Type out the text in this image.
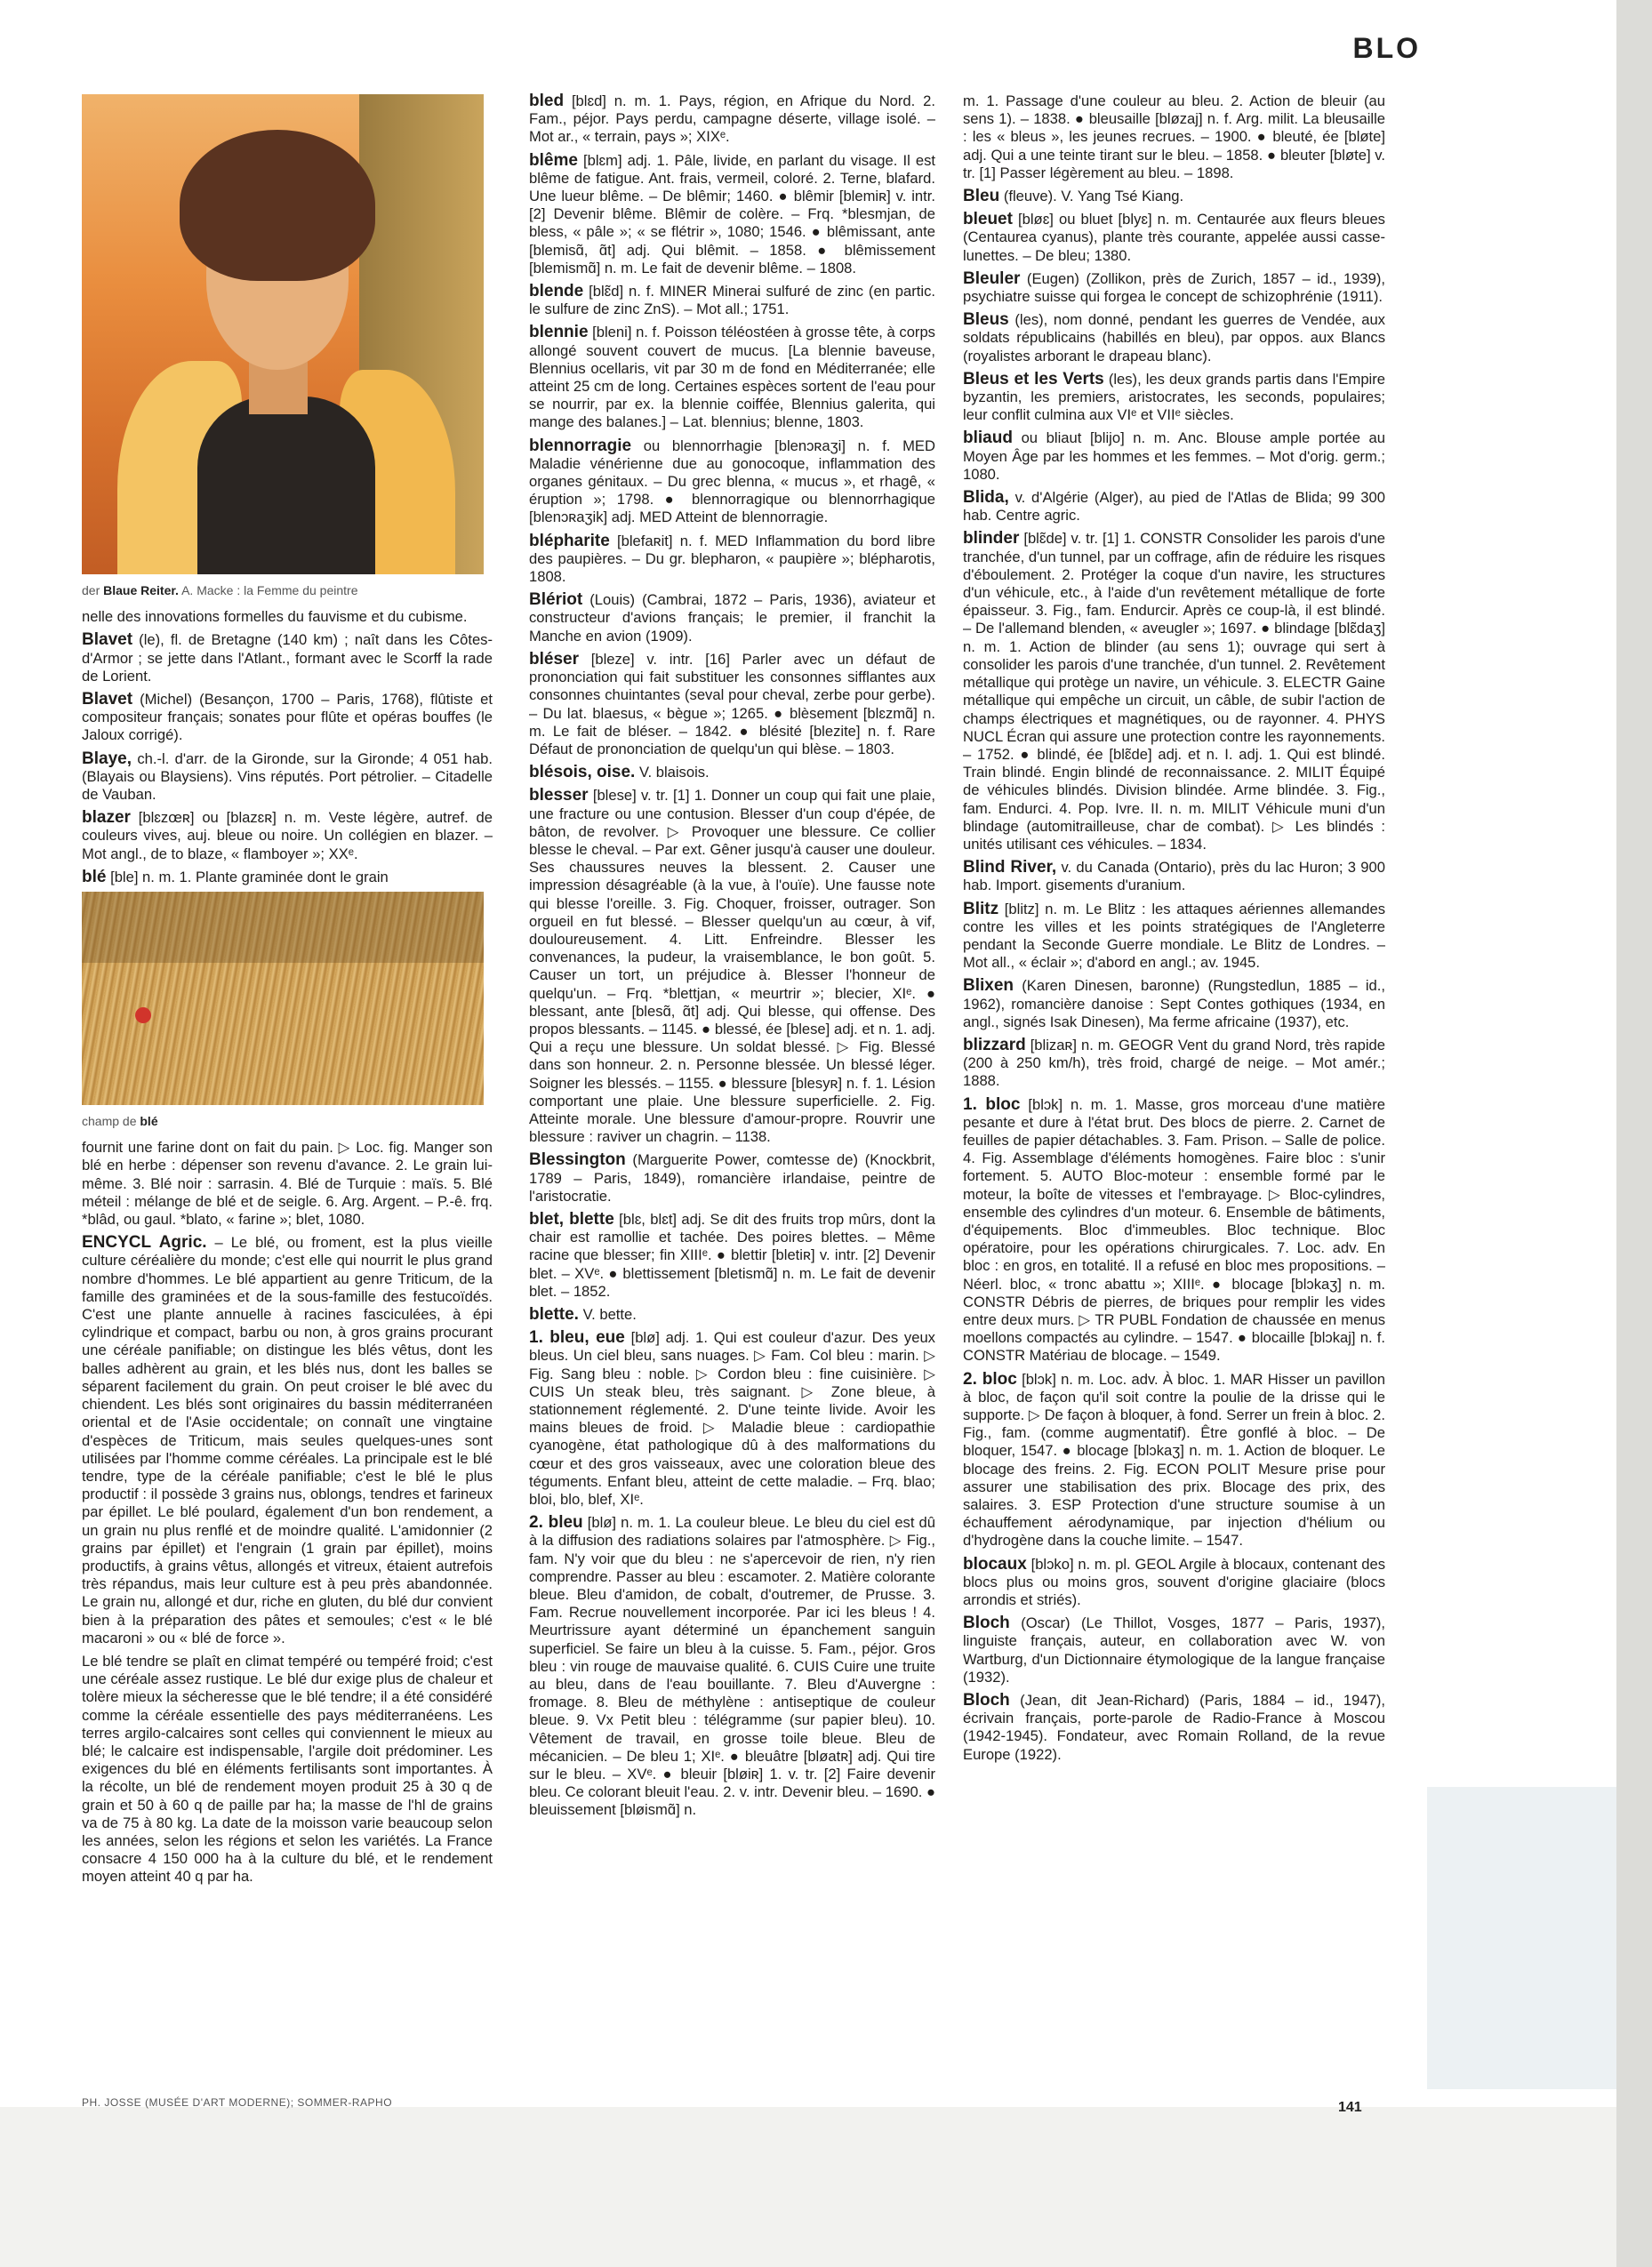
BLO
der Blaue Reiter. A. Macke : la Femme du peintre

nelle des innovations formelles du fauvisme et du cubisme.

Blavet (le), fl. de Bretagne (140 km) ; naît dans les Côtes-d'Armor ; se jette dans l'Atlant., formant avec le Scorff la rade de Lorient.

Blavet (Michel) (Besançon, 1700 – Paris, 1768), flûtiste et compositeur français; sonates pour flûte et opéras bouffes (le Jaloux corrigé).

Blaye, ch.-l. d'arr. de la Gironde, sur la Gironde; 4 051 hab. (Blayais ou Blaysiens). Vins réputés. Port pétrolier. – Citadelle de Vauban.

blazer [blɛzœʀ] ou [blazɛʀ] n. m. Veste légère, autref. de couleurs vives, auj. bleue ou noire. Un collégien en blazer. – Mot angl., de to blaze, « flamboyer »; XXᵉ.

blé [ble] n. m. 1. Plante graminée dont le grain

champ de blé

fournit une farine dont on fait du pain. ▷ Loc. fig. Manger son blé en herbe : dépenser son revenu d'avance. 2. Le grain lui-même. 3. Blé noir : sarrasin. 4. Blé de Turquie : maïs. 5. Blé méteil : mélange de blé et de seigle. 6. Arg. Argent. – P.-ê. frq. *blâd, ou gaul. *blato, « farine »; blet, 1080.

ENCYCL Agric. – Le blé, ou froment, est la plus vieille culture céréalière du monde; c'est elle qui nourrit le plus grand nombre d'hommes. Le blé appartient au genre Triticum, de la famille des graminées et de la sous-famille des festucoïdés. C'est une plante annuelle à racines fasciculées, à épi cylindrique et compact, barbu ou non, à gros grains procurant une céréale panifiable; on distingue les blés vêtus, dont les balles adhèrent au grain, et les blés nus, dont les balles se séparent facilement du grain. On peut croiser le blé avec du chiendent. Les blés sont originaires du bassin méditerranéen oriental et de l'Asie occidentale; on connaît une vingtaine d'espèces de Triticum, mais seules quelques-unes sont utilisées par l'homme comme céréales. La principale est le blé tendre, type de la céréale panifiable; c'est le blé le plus productif : il possède 3 grains nus, oblongs, tendres et farineux par épillet. Le blé poulard, également d'un bon rendement, a un grain nu plus renflé et de moindre qualité. L'amidonnier (2 grains par épillet) et l'engrain (1 grain par épillet), moins productifs, à grains vêtus, allongés et vitreux, étaient autrefois très répandus, mais leur culture est à peu près abandonnée. Le grain nu, allongé et dur, riche en gluten, du blé dur convient bien à la préparation des pâtes et semoules; c'est « le blé macaroni » ou « blé de force ».

Le blé tendre se plaît en climat tempéré ou tempéré froid; c'est une céréale assez rustique. Le blé dur exige plus de chaleur et tolère mieux la sécheresse que le blé tendre; il a été considéré comme la céréale essentielle des pays méditerranéens. Les terres argilo-calcaires sont celles qui conviennent le mieux au blé; le calcaire est indispensable, l'argile doit prédominer. Les exigences du blé en éléments fertilisants sont importantes. À la récolte, un blé de rendement moyen produit 25 à 30 q de grain et 50 à 60 q de paille par ha; la masse de l'hl de grains va de 75 à 80 kg. La date de la moisson varie beaucoup selon les années, selon les régions et selon les variétés. La France consacre 4 150 000 ha à la culture du blé, et le rendement moyen atteint 40 q par ha.

bled [blɛd] n. m. 1. Pays, région, en Afrique du Nord. 2. Fam., péjor. Pays perdu, campagne déserte, village isolé. – Mot ar., « terrain, pays »; XIXᵉ.

blême [blɛm] adj. 1. Pâle, livide, en parlant du visage. Il est blême de fatigue. Ant. frais, vermeil, coloré. 2. Terne, blafard. Une lueur blême. – De blêmir; 1460. ● blêmir [blemiʀ] v. intr. [2] Devenir blême. Blêmir de colère. – Frq. *blesmjan, de bless, « pâle »; « se flétrir », 1080; 1546. ● blêmissant, ante [blemisɑ̃, ɑ̃t] adj. Qui blêmit. – 1858. ● blêmissement [blemismɑ̃] n. m. Le fait de devenir blême. – 1808.

blende [blɛ̃d] n. f. MINER Minerai sulfuré de zinc (en partic. le sulfure de zinc ZnS). – Mot all.; 1751.

blennie [bleni] n. f. Poisson téléostéen à grosse tête, à corps allongé souvent couvert de mucus. [La blennie baveuse, Blennius ocellaris, vit par 30 m de fond en Méditerranée; elle atteint 25 cm de long. Certaines espèces sortent de l'eau pour se nourrir, par ex. la blennie coiffée, Blennius galerita, qui mange des balanes.] – Lat. blennius; blenne, 1803.

blennorragie ou blennorrhagie [blenɔʀaʒi] n. f. MED Maladie vénérienne due au gonocoque, inflammation des organes génitaux. – Du grec blenna, « mucus », et rhagê, « éruption »; 1798. ● blennorragique ou blennorrhagique [blenɔʀaʒik] adj. MED Atteint de blennorragie.

blépharite [blefaʀit] n. f. MED Inflammation du bord libre des paupières. – Du gr. blepharon, « paupière »; blépharotis, 1808.

Blériot (Louis) (Cambrai, 1872 – Paris, 1936), aviateur et constructeur d'avions français; le premier, il franchit la Manche en avion (1909).

bléser [bleze] v. intr. [16] Parler avec un défaut de prononciation qui fait substituer les consonnes sifflantes aux consonnes chuintantes (seval pour cheval, zerbe pour gerbe). – Du lat. blaesus, « bègue »; 1265. ● blèsement [blɛzmɑ̃] n. m. Le fait de bléser. – 1842. ● blésité [blezite] n. f. Rare Défaut de prononciation de quelqu'un qui blèse. – 1803.

blésois, oise. V. blaisois.

blesser [blese] v. tr. [1] 1. Donner un coup qui fait une plaie, une fracture ou une contusion. Blesser d'un coup d'épée, de bâton, de revolver. ▷ Provoquer une blessure. Ce collier blesse le cheval. – Par ext. Gêner jusqu'à causer une douleur. Ses chaussures neuves la blessent. 2. Causer une impression désagréable (à la vue, à l'ouïe). Une fausse note qui blesse l'oreille. 3. Fig. Choquer, froisser, outrager. Son orgueil en fut blessé. – Blesser quelqu'un au cœur, à vif, douloureusement. 4. Litt. Enfreindre. Blesser les convenances, la pudeur, la vraisemblance, le bon goût. 5. Causer un tort, un préjudice à. Blesser l'honneur de quelqu'un. – Frq. *blettjan, « meurtrir »; blecier, XIᵉ. ● blessant, ante [blesɑ̃, ɑ̃t] adj. Qui blesse, qui offense. Des propos blessants. – 1145. ● blessé, ée [blese] adj. et n. 1. adj. Qui a reçu une blessure. Un soldat blessé. ▷ Fig. Blessé dans son honneur. 2. n. Personne blessée. Un blessé léger. Soigner les blessés. – 1155. ● blessure [blesyʀ] n. f. 1. Lésion comportant une plaie. Une blessure superficielle. 2. Fig. Atteinte morale. Une blessure d'amour-propre. Rouvrir une blessure : raviver un chagrin. – 1138.

Blessington (Marguerite Power, comtesse de) (Knockbrit, 1789 – Paris, 1849), romancière irlandaise, peintre de l'aristocratie.

blet, blette [blɛ, blɛt] adj. Se dit des fruits trop mûrs, dont la chair est ramollie et tachée. Des poires blettes. – Même racine que blesser; fin XIIIᵉ. ● blettir [bletiʀ] v. intr. [2] Devenir blet. – XVᵉ. ● blettissement [bletismɑ̃] n. m. Le fait de devenir blet. – 1852.

blette. V. bette.

1. bleu, eue [blø] adj. 1. Qui est couleur d'azur. Des yeux bleus. Un ciel bleu, sans nuages. ▷ Fam. Col bleu : marin. ▷ Fig. Sang bleu : noble. ▷ Cordon bleu : fine cuisinière. ▷ CUIS Un steak bleu, très saignant. ▷ Zone bleue, à stationnement réglementé. 2. D'une teinte livide. Avoir les mains bleues de froid. ▷ Maladie bleue : cardiopathie cyanogène, état pathologique dû à des malformations du cœur et des gros vaisseaux, avec une coloration bleue des téguments. Enfant bleu, atteint de cette maladie. – Frq. blao; bloi, blo, blef, XIᵉ.

2. bleu [blø] n. m. 1. La couleur bleue. Le bleu du ciel est dû à la diffusion des radiations solaires par l'atmosphère. ▷ Fig., fam. N'y voir que du bleu : ne s'apercevoir de rien, n'y rien comprendre. Passer au bleu : escamoter. 2. Matière colorante bleue. Bleu d'amidon, de cobalt, d'outremer, de Prusse. 3. Fam. Recrue nouvellement incorporée. Par ici les bleus ! 4. Meurtrissure ayant déterminé un épanchement sanguin superficiel. Se faire un bleu à la cuisse. 5. Fam., péjor. Gros bleu : vin rouge de mauvaise qualité. 6. CUIS Cuire une truite au bleu, dans de l'eau bouillante. 7. Bleu d'Auvergne : fromage. 8. Bleu de méthylène : antiseptique de couleur bleue. 9. Vx Petit bleu : télégramme (sur papier bleu). 10. Vêtement de travail, en grosse toile bleue. Bleu de mécanicien. – De bleu 1; XIᵉ. ● bleuâtre [bløatʀ] adj. Qui tire sur le bleu. – XVᵉ. ● bleuir [bløiʀ] 1. v. tr. [2] Faire devenir bleu. Ce colorant bleuit l'eau. 2. v. intr. Devenir bleu. – 1690. ● bleuissement [bløismɑ̃] n.

m. 1. Passage d'une couleur au bleu. 2. Action de bleuir (au sens 1). – 1838. ● bleusaille [bløzaj] n. f. Arg. milit. La bleusaille : les « bleus », les jeunes recrues. – 1900. ● bleuté, ée [bløte] adj. Qui a une teinte tirant sur le bleu. – 1858. ● bleuter [bløte] v. tr. [1] Passer légèrement au bleu. – 1898.

Bleu (fleuve). V. Yang Tsé Kiang.

bleuet [bløɛ] ou bluet [blyɛ] n. m. Centaurée aux fleurs bleues (Centaurea cyanus), plante très courante, appelée aussi casse-lunettes. – De bleu; 1380.

Bleuler (Eugen) (Zollikon, près de Zurich, 1857 – id., 1939), psychiatre suisse qui forgea le concept de schizophrénie (1911).

Bleus (les), nom donné, pendant les guerres de Vendée, aux soldats républicains (habillés en bleu), par oppos. aux Blancs (royalistes arborant le drapeau blanc).

Bleus et les Verts (les), les deux grands partis dans l'Empire byzantin, les premiers, aristocrates, les seconds, populaires; leur conflit culmina aux VIᵉ et VIIᵉ siècles.

bliaud ou bliaut [blijo] n. m. Anc. Blouse ample portée au Moyen Âge par les hommes et les femmes. – Mot d'orig. germ.; 1080.

Blida, v. d'Algérie (Alger), au pied de l'Atlas de Blida; 99 300 hab. Centre agric.

blinder [blɛ̃de] v. tr. [1] 1. CONSTR Consolider les parois d'une tranchée, d'un tunnel, par un coffrage, afin de réduire les risques d'éboulement. 2. Protéger la coque d'un navire, les structures d'un véhicule, etc., à l'aide d'un revêtement métallique de forte épaisseur. 3. Fig., fam. Endurcir. Après ce coup-là, il est blindé. – De l'allemand blenden, « aveugler »; 1697. ● blindage [blɛ̃daʒ] n. m. 1. Action de blinder (au sens 1); ouvrage qui sert à consolider les parois d'une tranchée, d'un tunnel. 2. Revêtement métallique qui protège un navire, un véhicule. 3. ELECTR Gaine métallique qui empêche un circuit, un câble, de subir l'action de champs électriques et magnétiques, ou de rayonner. 4. PHYS NUCL Écran qui assure une protection contre les rayonnements. – 1752. ● blindé, ée [blɛ̃de] adj. et n. I. adj. 1. Qui est blindé. Train blindé. Engin blindé de reconnaissance. 2. MILIT Équipé de véhicules blindés. Division blindée. Arme blindée. 3. Fig., fam. Endurci. 4. Pop. Ivre. II. n. m. MILIT Véhicule muni d'un blindage (automitrailleuse, char de combat). ▷ Les blindés : unités utilisant ces véhicules. – 1834.

Blind River, v. du Canada (Ontario), près du lac Huron; 3 900 hab. Import. gisements d'uranium.

Blitz [blitz] n. m. Le Blitz : les attaques aériennes allemandes contre les villes et les points stratégiques de l'Angleterre pendant la Seconde Guerre mondiale. Le Blitz de Londres. – Mot all., « éclair »; d'abord en angl.; av. 1945.

Blixen (Karen Dinesen, baronne) (Rungstedlun, 1885 – id., 1962), romancière danoise : Sept Contes gothiques (1934, en angl., signés Isak Dinesen), Ma ferme africaine (1937), etc.

blizzard [blizaʀ] n. m. GEOGR Vent du grand Nord, très rapide (200 à 250 km/h), très froid, chargé de neige. – Mot amér.; 1888.

1. bloc [blɔk] n. m. 1. Masse, gros morceau d'une matière pesante et dure à l'état brut. Des blocs de pierre. 2. Carnet de feuilles de papier détachables. 3. Fam. Prison. – Salle de police. 4. Fig. Assemblage d'éléments homogènes. Faire bloc : s'unir fortement. 5. AUTO Bloc-moteur : ensemble formé par le moteur, la boîte de vitesses et l'embrayage. ▷ Bloc-cylindres, ensemble des cylindres d'un moteur. 6. Ensemble de bâtiments, d'équipements. Bloc d'immeubles. Bloc technique. Bloc opératoire, pour les opérations chirurgicales. 7. Loc. adv. En bloc : en gros, en totalité. Il a refusé en bloc mes propositions. – Néerl. bloc, « tronc abattu »; XIIIᵉ. ● blocage [blɔkaʒ] n. m. CONSTR Débris de pierres, de briques pour remplir les vides entre deux murs. ▷ TR PUBL Fondation de chaussée en menus moellons compactés au cylindre. – 1547. ● blocaille [blɔkaj] n. f. CONSTR Matériau de blocage. – 1549.

2. bloc [blɔk] n. m. Loc. adv. À bloc. 1. MAR Hisser un pavillon à bloc, de façon qu'il soit contre la poulie de la drisse qui le supporte. ▷ De façon à bloquer, à fond. Serrer un frein à bloc. 2. Fig., fam. (comme augmentatif). Être gonflé à bloc. – De bloquer, 1547. ● blocage [blɔkaʒ] n. m. 1. Action de bloquer. Le blocage des freins. 2. Fig. ECON POLIT Mesure prise pour assurer une stabilisation des prix. Blocage des prix, des salaires. 3. ESP Protection d'une structure soumise à un échauffement aérodynamique, par injection d'hélium ou d'hydrogène dans la couche limite. – 1547.

blocaux [blɔko] n. m. pl. GEOL Argile à blocaux, contenant des blocs plus ou moins gros, souvent d'origine glaciaire (blocs arrondis et striés).

Bloch (Oscar) (Le Thillot, Vosges, 1877 – Paris, 1937), linguiste français, auteur, en collaboration avec W. von Wartburg, d'un Dictionnaire étymologique de la langue française (1932).

Bloch (Jean, dit Jean-Richard) (Paris, 1884 – id., 1947), écrivain français, porte-parole de Radio-France à Moscou (1942-1945). Fondateur, avec Romain Rolland, de la revue Europe (1922).

PH. JOSSE (MUSÉE D'ART MODERNE); SOMMER-RAPHO	141
